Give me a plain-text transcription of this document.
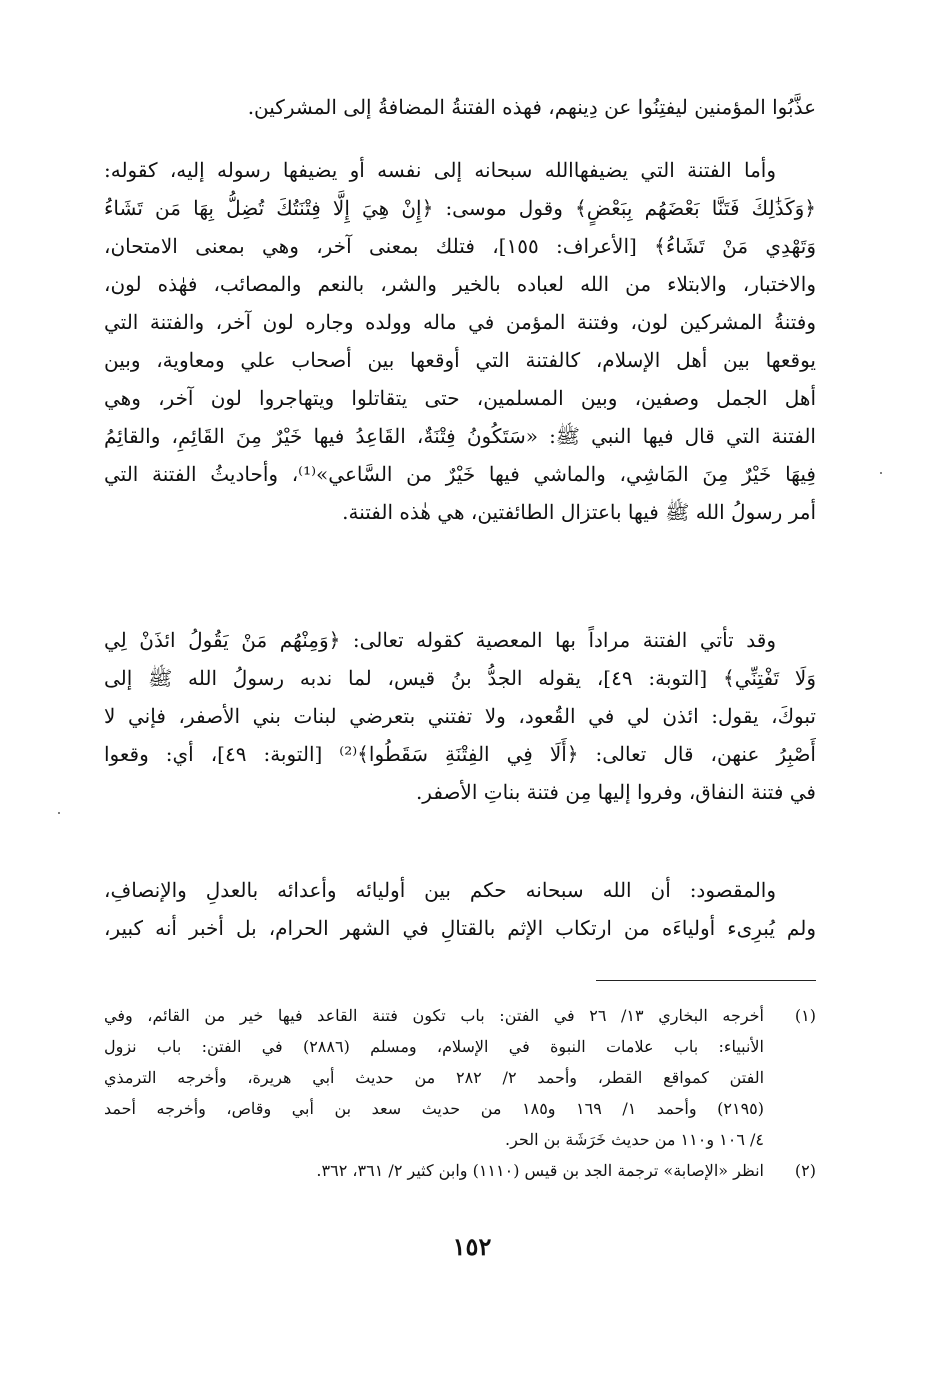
عذَّبُوا المؤمنين ليفتِنُوا عن دِينهم، فهذه الفتنةُ المضافةُ إلى المشركين.
وأما الفتنة التي يضيفهاالله سبحانه إلى نفسه أو يضيفها رسوله إليه، كقوله:
﴿وَكَذَٰلِكَ فَتَنَّا بَعْضَهُم بِبَعْضٍ﴾ وقول موسى: ﴿إِنْ هِيَ إِلَّا فِتْنَتُكَ تُضِلُّ بِهَا مَن تَشَاءُ
وَتَهْدِي مَنْ تَشَاءُ﴾ [الأعراف: ١٥٥]، فتلك بمعنى آخر، وهي بمعنى الامتحان،
والاختبار، والابتلاء من الله لعباده بالخير والشر، بالنعم والمصائب، فهٰذه لون،
وفتنةُ المشركين لون، وفتنة المؤمن في ماله وولده وجاره لون آخر، والفتنة التي
يوقعها بين أهل الإسلام، كالفتنة التي أوقعها بين أصحاب علي ومعاوية، وبين
أهل الجمل وصفين، وبين المسلمين، حتى يتقاتلوا ويتهاجروا لون آخر، وهي
الفتنة التي قال فيها النبي ﷺ: «سَتَكُونُ فِتْنَةٌ، القَاعِدُ فيها خَيْرٌ مِنَ القَائِمِ، والقائِمُ
فِيهَا خَيْرٌ مِنَ المَاشِي، والماشي فيها خَيْرٌ من السَّاعي»⁽¹⁾، وأحاديثُ الفتنة التي
أمر رسولُ الله ﷺ فيها باعتزال الطائفتين، هي هٰذه الفتنة.
وقد تأتي الفتنة مراداً بها المعصية كقوله تعالى: ﴿وَمِنْهُم مَنْ يَقُولُ ائذَنْ لِي
وَلَا تَفْتِنِّي﴾ [التوبة: ٤٩]، يقوله الجدُّ بنُ قيس، لما ندبه رسولُ الله ﷺ إلى
تبوكَ، يقول: ائذن لي في القُعود، ولا تفتني بتعرضي لبنات بني الأصفر، فإني لا
أَصْبِرُ عنهن، قال تعالى: ﴿أَلَا فِي الفِتْنَةِ سَقَطُوا﴾⁽²⁾ [التوبة: ٤٩]، أي: وقعوا
في فتنة النفاق، وفروا إليها مِن فتنة بناتِ الأصفر.
والمقصود: أن الله سبحانه حكم بين أوليائه وأعدائه بالعدلِ والإنصافِ،
ولم يُبرِىء أولياءَه من ارتكاب الإثم بالقتالِ في الشهر الحرام، بل أخبر أنه كبير،
(١)
أخرجه البخاري ١٣/ ٢٦ في الفتن: باب تكون فتنة القاعد فيها خير من القائم، وفي
الأنبياء: باب علامات النبوة في الإسلام، ومسلم (٢٨٨٦) في الفتن: باب نزول
الفتن كمواقع القطر، وأحمد ٢/ ٢٨٢ من حديث أبي هريرة، وأخرجه الترمذي
(٢١٩٥) وأحمد ١/ ١٦٩ و١٨٥ من حديث سعد بن أبي وقاص، وأخرجه أحمد
٤/ ١٠٦ و١١٠ من حديث خَرَشَة بن الحر.
(٢)
انظر «الإصابة» ترجمة الجد بن قيس (١١١٠) وابن كثير ٢/ ٣٦١، ٣٦٢.
١٥٢
